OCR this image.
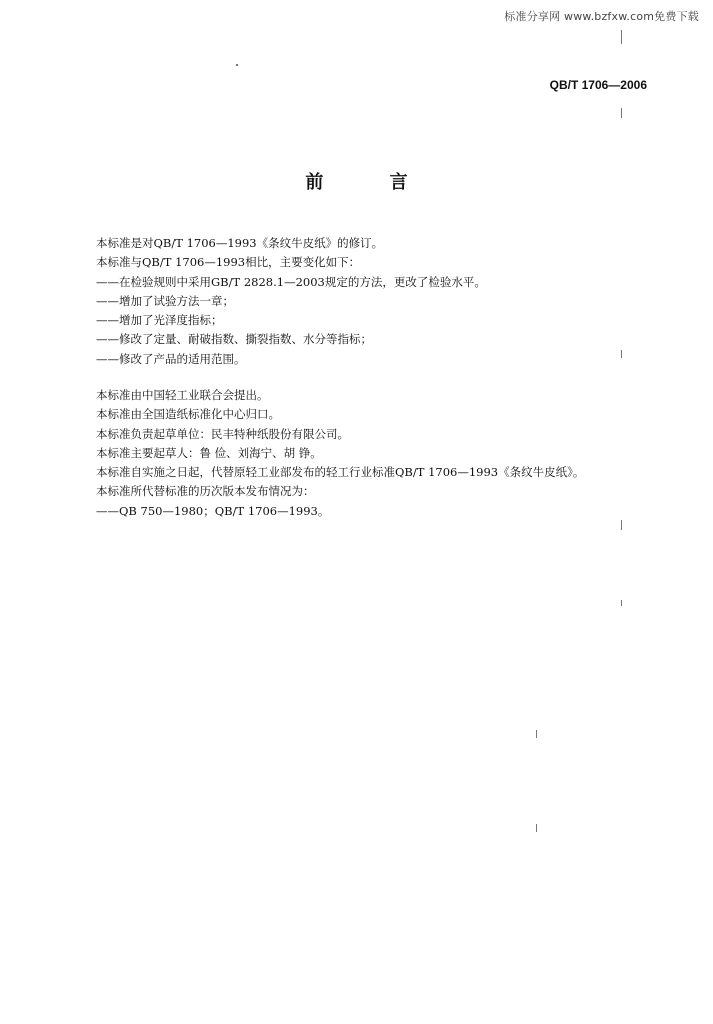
标准分享网 www.bzfxw.com免费下载
QB/T 1706—2006
前 言
本标准是对QB/T 1706—1993《条纹牛皮纸》的修订。
本标准与QB/T 1706—1993相比，主要变化如下：
——在检验规则中采用GB/T 2828.1—2003规定的方法，更改了检验水平。
——增加了试验方法一章；
——增加了光泽度指标；
——修改了定量、耐破指数、撕裂指数、水分等指标；
——修改了产品的适用范围。
本标准由中国轻工业联合会提出。
本标准由全国造纸标准化中心归口。
本标准负责起草单位：民丰特种纸股份有限公司。
本标准主要起草人：鲁 俭、刘海宁、胡 铮。
本标准自实施之日起，代替原轻工业部发布的轻工行业标准QB/T 1706—1993《条纹牛皮纸》。
本标准所代替标准的历次版本发布情况为：
——QB 750—1980；QB/T 1706—1993。
